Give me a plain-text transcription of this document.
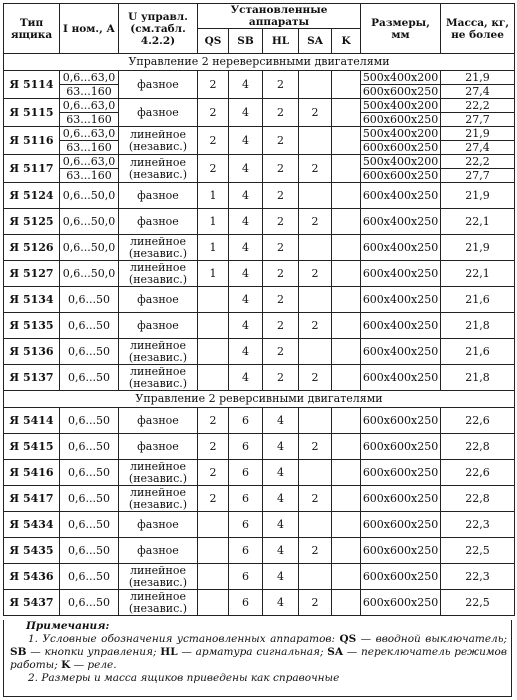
Тип
ящика	I ном., А	U управл.
(см.табл.
4.2.2)	Установленные аппараты					Размеры,
мм	Масса, кг,
не более
			QS	SB	HL	SA	K		
Управление 2 нереверсивными двигателями									
Я 5114	0,6...63,0	фазное	2	4	2			500x400x200	21,9
	63...160							600x600x250	27,4
Я 5115	0,6...63,0	фазное	2	4	2	2		500x400x200	22,2
	63...160							600x600x250	27,7
Я 5116	0,6...63,0	линейное
(независ.)	2	4	2			500x400x200	21,9
	63...160							600x600x250	27,4
Я 5117	0,6...63,0	линейное
(независ.)	2	4	2	2		500x400x200	22,2
	63...160							600x600x250	27,7
Я 5124	0,6...50,0	фазное	1	4	2			600x400x250	21,9
Я 5125	0,6...50,0	фазное	1	4	2	2		600x400x250	22,1
Я 5126	0,6...50,0	линейное
(независ.)	1	4	2			600x400x250	21,9
Я 5127	0,6...50,0	линейное
(независ.)	1	4	2	2		600x400x250	22,1
Я 5134	0,6...50	фазное		4	2			600x400x250	21,6
Я 5135	0,6...50	фазное		4	2	2		600x400x250	21,8
Я 5136	0,6...50	линейное
(независ.)		4	2			600x400x250	21,6
Я 5137	0,6...50	линейное
(независ.)		4	2	2		600x400x250	21,8
Управление 2 реверсивными двигателями									
Я 5414	0,6...50	фазное	2	6	4			600x600x250	22,6
Я 5415	0,6...50	фазное	2	6	4	2		600x600x250	22,8
Я 5416	0,6...50	линейное
(независ.)	2	6	4			600x600x250	22,6
Я 5417	0,6...50	линейное
(независ.)	2	6	4	2		600x600x250	22,8
Я 5434	0,6...50	фазное		6	4			600x600x250	22,3
Я 5435	0,6...50	фазное		6	4	2		600x600x250	22,5
Я 5436	0,6...50	линейное
(независ.)		6	4			600x600x250	22,3
Я 5437	0,6...50	линейное
(независ.)		6	4	2		600x600x250	22,5
Примечания:
1. Условные обозначения установленных аппаратов: QS — вводной выключатель; SB — кнопки управления; HL — арматура сигнальная; SA — переключатель режимов работы; K — реле.
2. Размеры и масса ящиков приведены как справочные
